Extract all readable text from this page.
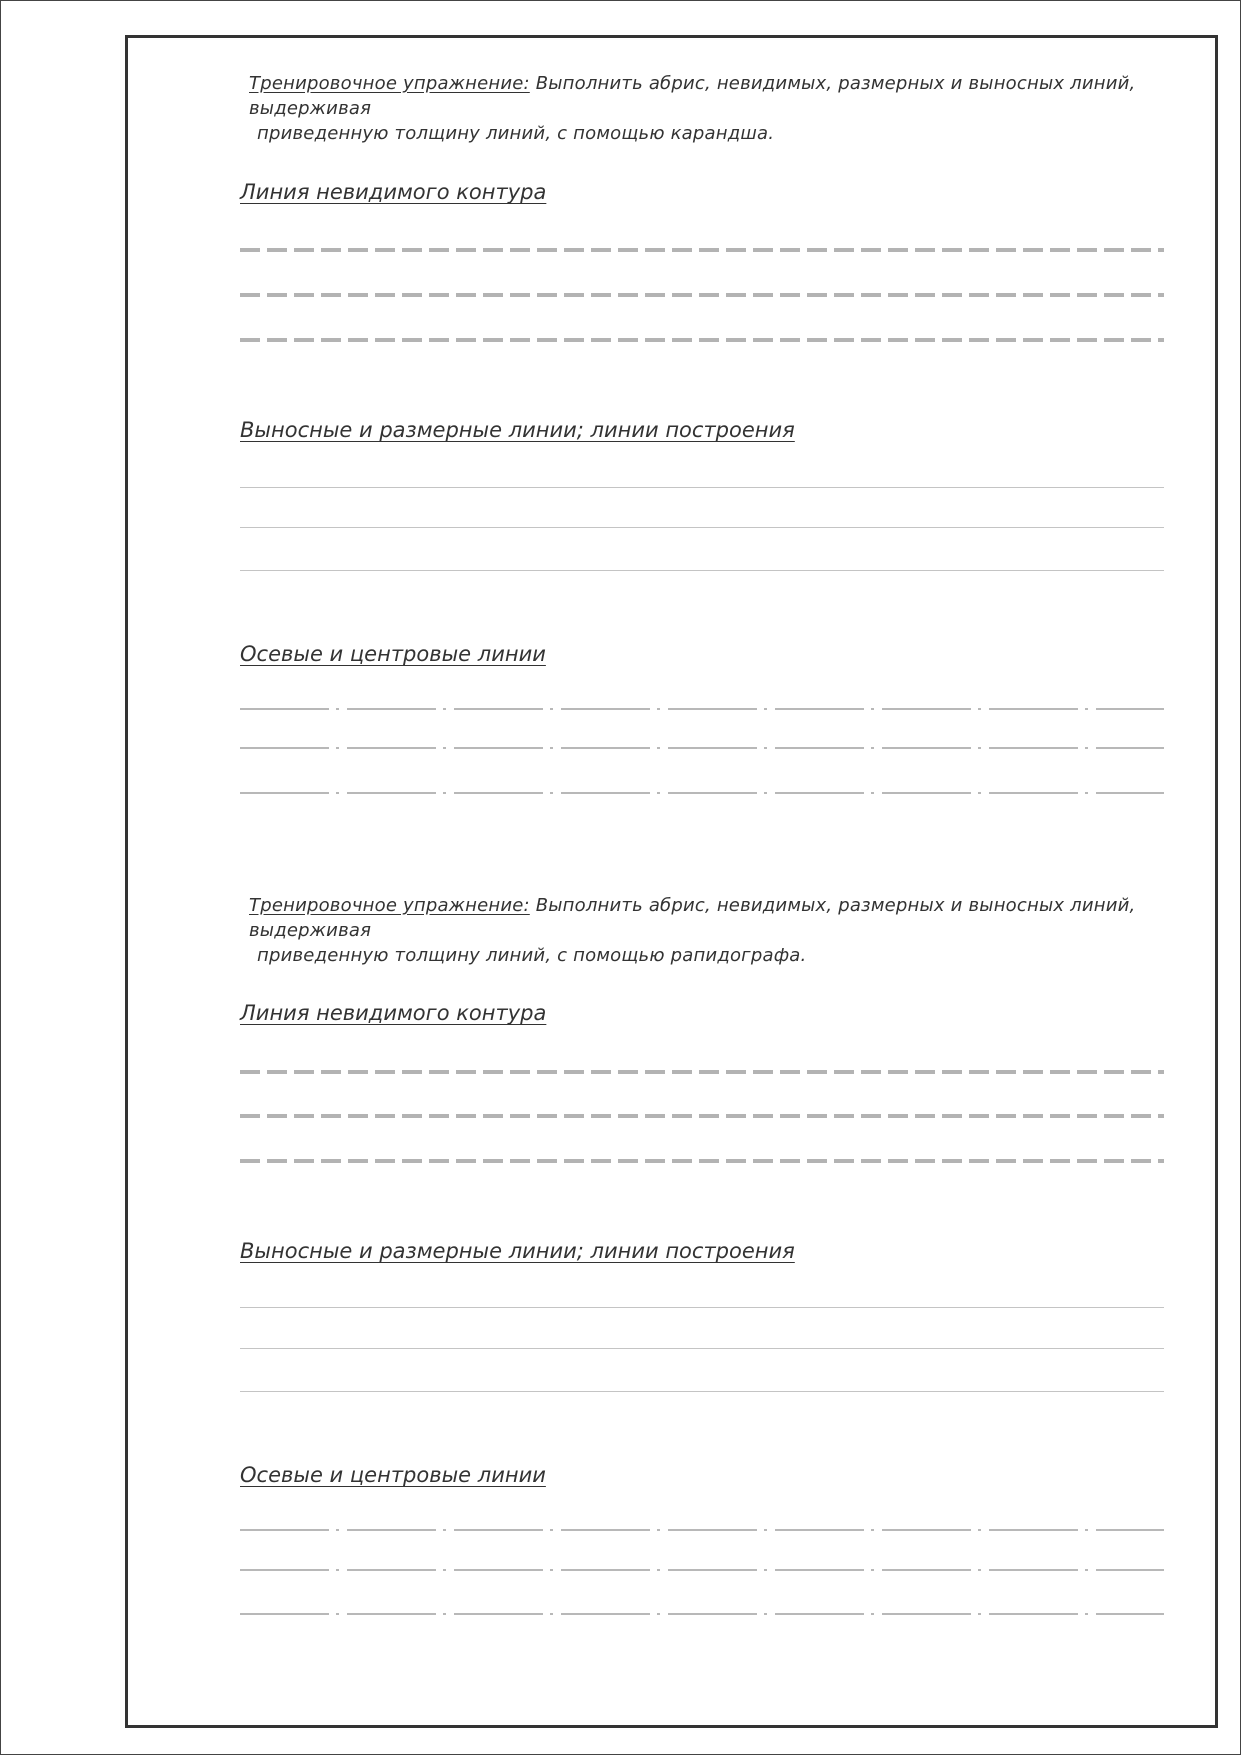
Тренировочное упражнение: Выполнить абрис, невидимых, размерных и выносных линий, выдерживая
приведенную толщину линий, с помощью карандша.
Линия невидимого контура
Выносные и размерные линии; линии построения
Осевые и центровые линии
Тренировочное упражнение: Выполнить абрис, невидимых, размерных и выносных линий, выдерживая
приведенную толщину линий, с помощью рапидографа.
Линия невидимого контура
Выносные и размерные линии; линии построения
Осевые и центровые линии
